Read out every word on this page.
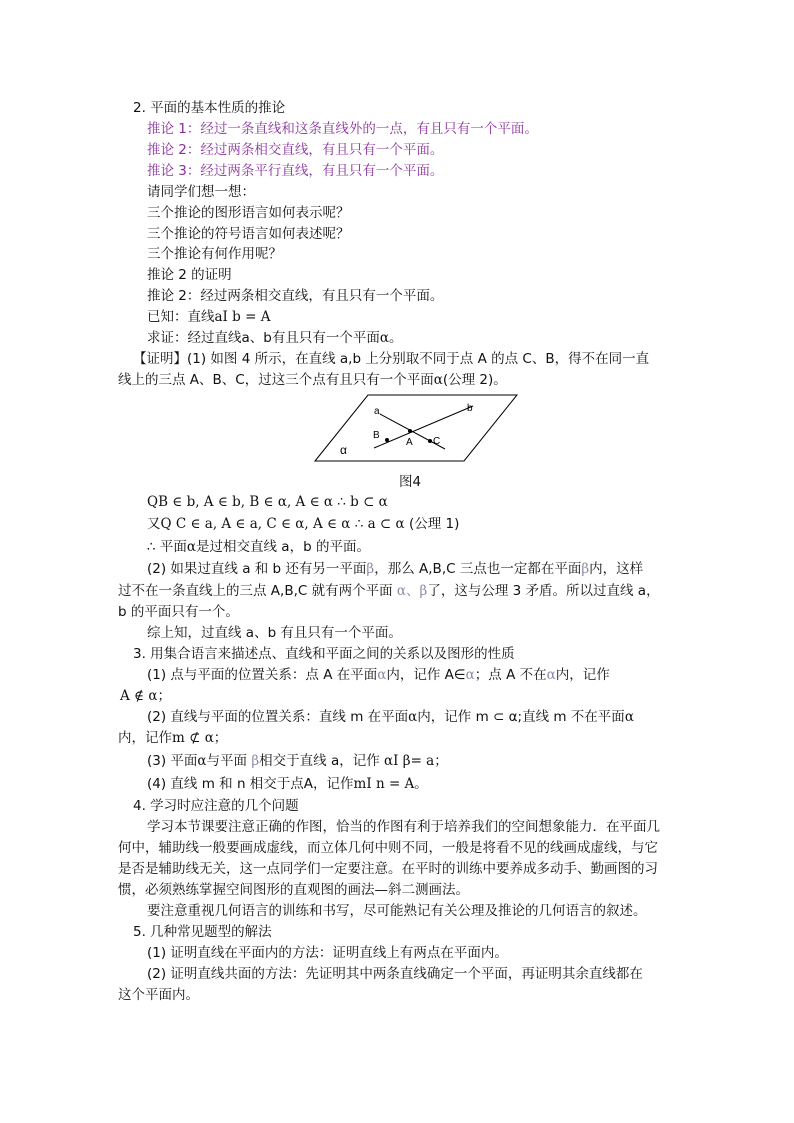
2. 平面的基本性质的推论
推论 1：经过一条直线和这条直线外的一点，有且只有一个平面。
推论 2：经过两条相交直线，有且只有一个平面。
推论 3：经过两条平行直线，有且只有一个平面。
请同学们想一想：
三个推论的图形语言如何表示呢？
三个推论的符号语言如何表述呢？
三个推论有何作用呢？
推论 2 的证明
推论 2：经过两条相交直线，有且只有一个平面。
已知：直线aI b = A
求证：经过直线a、b有且只有一个平面α。
【证明】(1) 如图 4 所示，在直线 a,b 上分别取不同于点 A 的点 C、B，得不在同一直
线上的三点 A、B、C，过这三个点有且只有一个平面α(公理 2)。
a	b
B
A C
α
图4
QB ∈ b, A ∈ b, B ∈ α, A ∈ α ∴ b ⊂ α
又Q C ∈ a, A ∈ a, C ∈ α, A ∈ α ∴ a ⊂ α (公理 1)
∴ 平面α是过相交直线 a，b 的平面。
(2) 如果过直线 a 和 b 还有另一平面β，那么 A,B,C 三点也一定都在平面β内，这样
过不在一条直线上的三点 A,B,C 就有两个平面 α、β了，这与公理 3 矛盾。所以过直线 a，
b 的平面只有一个。
综上知，过直线 a、b 有且只有一个平面。
3. 用集合语言来描述点、直线和平面之间的关系以及图形的性质
(1) 点与平面的位置关系：点 A 在平面α内，记作 A∈α；点 A 不在α内，记作
A ∉ α；
(2) 直线与平面的位置关系：直线 m 在平面α内，记作 m ⊂ α;直线 m 不在平面α
内，记作m ⊄ α；
(3) 平面α与平面 β相交于直线 a，记作 αI β= a；
(4) 直线 m 和 n 相交于点A，记作mI n = A。
4. 学习时应注意的几个问题
学习本节课要注意正确的作图，恰当的作图有利于培养我们的空间想象能力．在平面几
何中，辅助线一般要画成虚线，而立体几何中则不同，一般是将看不见的线画成虚线，与它
是否是辅助线无关，这一点同学们一定要注意。在平时的训练中要养成多动手、勤画图的习
惯，必须熟练掌握空间图形的直观图的画法—斜二测画法。
要注意重视几何语言的训练和书写，尽可能熟记有关公理及推论的几何语言的叙述。
5. 几种常见题型的解法
(1) 证明直线在平面内的方法：证明直线上有两点在平面内。
(2) 证明直线共面的方法：先证明其中两条直线确定一个平面，再证明其余直线都在
这个平面内。
